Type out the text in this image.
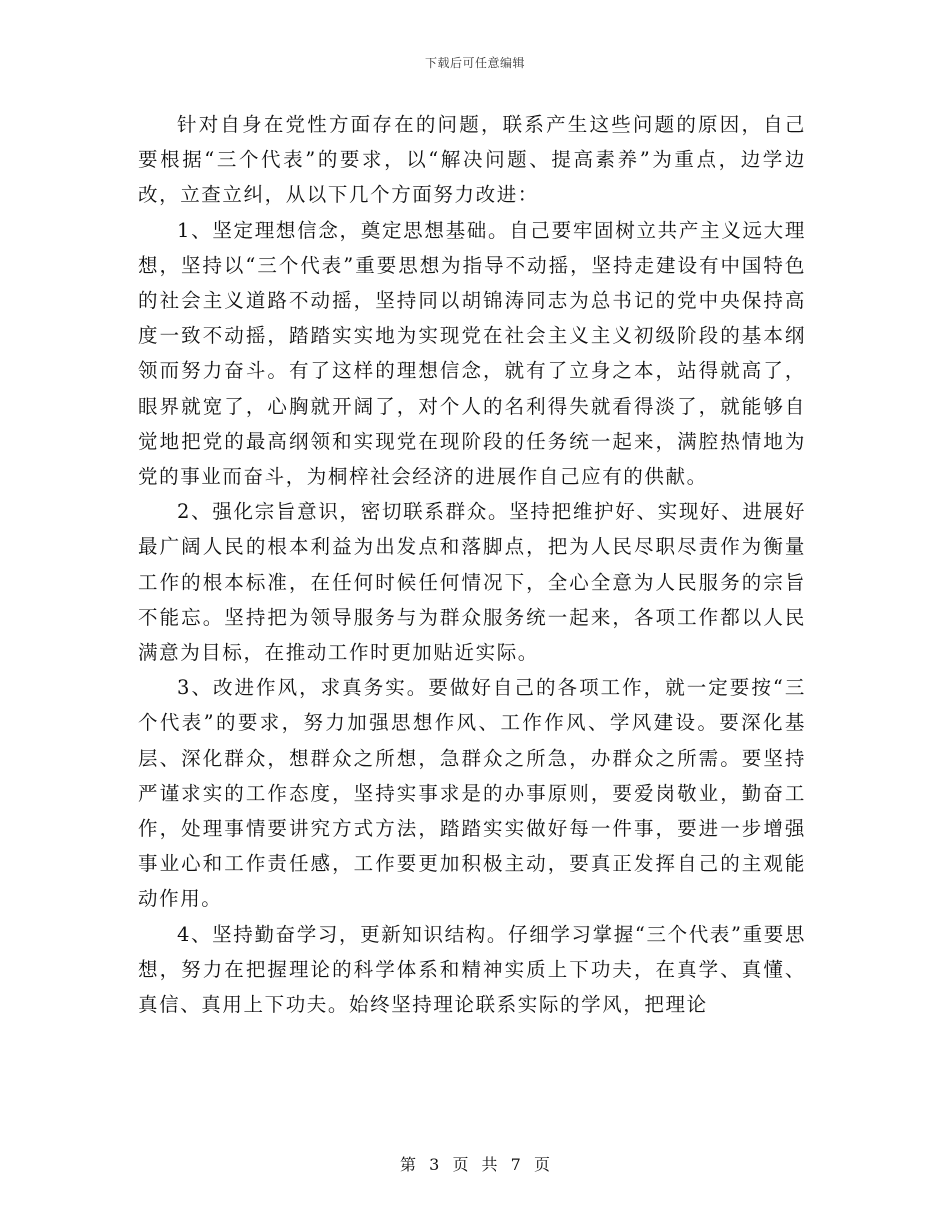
下载后可任意编辑

针对自身在党性方面存在的问题，联系产生这些问题的原因，自己要根据“三个代表”的要求，以“解决问题、提高素养”为重点，边学边改，立查立纠，从以下几个方面努力改进：

1、坚定理想信念，奠定思想基础。自己要牢固树立共产主义远大理想，坚持以“三个代表”重要思想为指导不动摇，坚持走建设有中国特色的社会主义道路不动摇，坚持同以胡锦涛同志为总书记的党中央保持高度一致不动摇，踏踏实实地为实现党在社会主义主义初级阶段的基本纲领而努力奋斗。有了这样的理想信念，就有了立身之本，站得就高了，眼界就宽了，心胸就开阔了，对个人的名利得失就看得淡了，就能够自觉地把党的最高纲领和实现党在现阶段的任务统一起来，满腔热情地为党的事业而奋斗，为桐梓社会经济的进展作自己应有的供献。

2、强化宗旨意识，密切联系群众。坚持把维护好、实现好、进展好最广阔人民的根本利益为出发点和落脚点，把为人民尽职尽责作为衡量工作的根本标准，在任何时候任何情况下，全心全意为人民服务的宗旨不能忘。坚持把为领导服务与为群众服务统一起来，各项工作都以人民满意为目标，在推动工作时更加贴近实际。

3、改进作风，求真务实。要做好自己的各项工作，就一定要按“三个代表”的要求，努力加强思想作风、工作作风、学风建设。要深化基层、深化群众，想群众之所想，急群众之所急，办群众之所需。要坚持严谨求实的工作态度，坚持实事求是的办事原则，要爱岗敬业，勤奋工作，处理事情要讲究方式方法，踏踏实实做好每一件事，要进一步增强事业心和工作责任感，工作要更加积极主动，要真正发挥自己的主观能动作用。

4、坚持勤奋学习，更新知识结构。仔细学习掌握“三个代表”重要思想，努力在把握理论的科学体系和精神实质上下功夫，在真学、真懂、真信、真用上下功夫。始终坚持理论联系实际的学风，把理论

第 3 页 共 7 页
